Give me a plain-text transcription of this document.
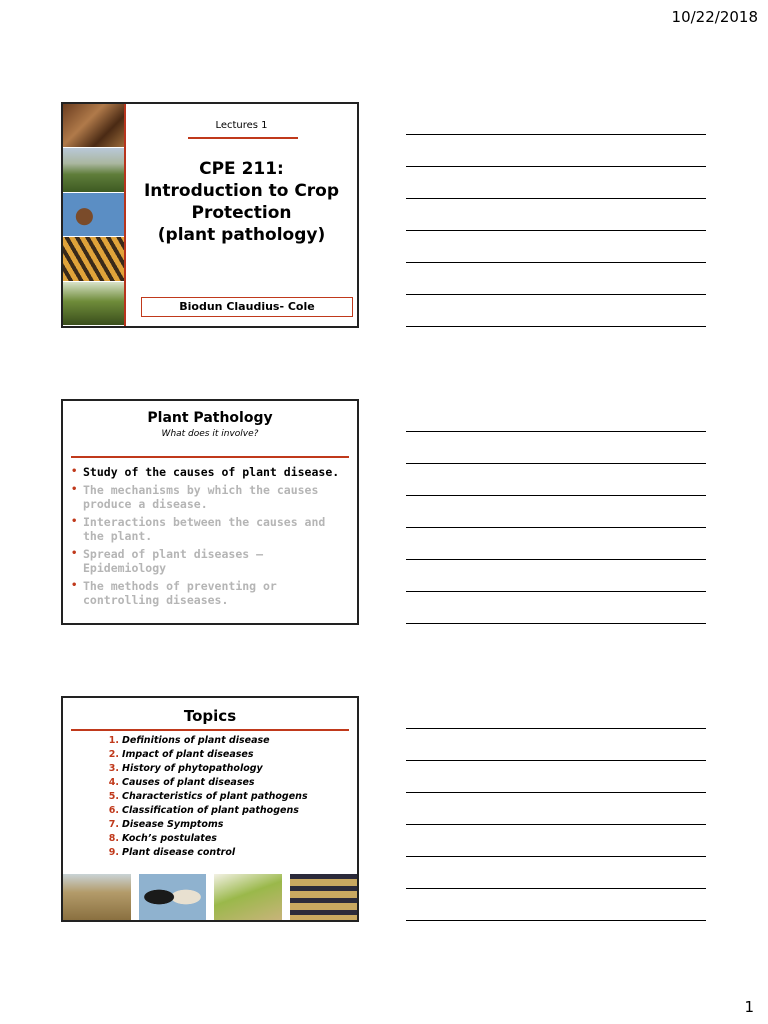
10/22/2018
Lectures 1
CPE 211:
Introduction to Crop
Protection
(plant pathology)
Biodun Claudius- Cole
Plant Pathology
What does it involve?
• Study of the causes of plant disease.
• The mechanisms by which the causes produce a disease.
• Interactions between the causes and the plant.
• Spread of plant diseases – Epidemiology
• The methods of preventing or controlling diseases.
Topics
1. Definitions of plant disease
2. Impact of plant diseases
3. History of phytopathology
4. Causes of plant diseases
5. Characteristics of plant pathogens
6. Classification of plant pathogens
7. Disease Symptoms
8. Koch’s postulates
9. Plant disease control
1
